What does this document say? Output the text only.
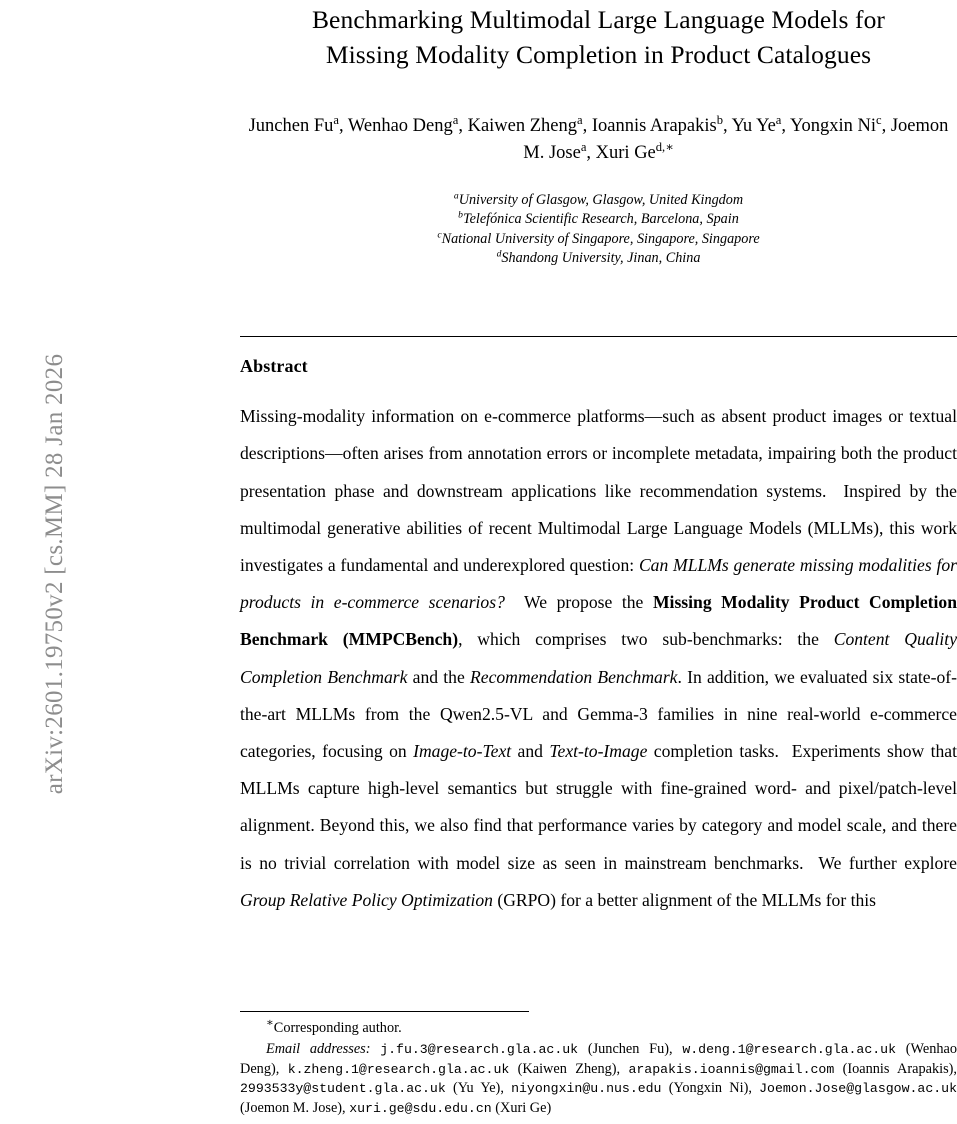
arXiv:2601.19750v2 [cs.MM] 28 Jan 2026
Benchmarking Multimodal Large Language Models for
Missing Modality Completion in Product Catalogues

Junchen Fu$^a$, Wenhao Deng$^a$, Kaiwen Zheng$^a$, Ioannis Arapakis$^b$, Yu Ye$^a$, Yongxin Ni$^c$, Joemon M. Jose$^a$, Xuri $Ge^{d,∗}$

$^a$University of Glasgow, Glasgow, United Kingdom
$^b$Telefónica Scientific Research, Barcelona, Spain
$^c$National University of Singapore, Singapore, Singapore
$^d$Shandong University, Jinan, China
Abstract

Missing-modality information on e-commerce platforms—such as absent product images or textual descriptions—often arises from annotation errors or incomplete metadata, impairing both the product presentation phase and downstream applications like recommendation systems.  Inspired by the multimodal generative abilities of recent Multimodal Large Language Models (MLLMs), this work investigates a fundamental and underexplored question: Can MLLMs generate missing modalities for products in e-commerce scenarios?  We propose the Missing Modality Product Completion Benchmark (MMPCBench), which comprises two sub-benchmarks: the Content Quality Completion Benchmark and the Recommendation Benchmark. In addition, we evaluated six state-of-the-art MLLMs from the Qwen2.5-VL and Gemma-3 families in nine real-world e-commerce categories, focusing on Image-to-Text and Text-to-Image completion tasks.  Experiments show that MLLMs capture high-level semantics but struggle with fine-grained word- and pixel/patch-level alignment. Beyond this, we also find that performance varies by category and model scale, and there is no trivial correlation with model size as seen in mainstream benchmarks.  We further explore Group Relative Policy Optimization (GRPO) for a better alignment of the MLLMs for this

∗Corresponding author.

Email addresses: j.fu.3@research.gla.ac.uk (Junchen Fu), w.deng.1@research.gla.ac.uk (Wenhao Deng), k.zheng.1@research.gla.ac.uk (Kaiwen Zheng), arapakis.ioannis@gmail.com (Ioannis Arapakis), 2993533y@student.gla.ac.uk (Yu Ye), niyongxin@u.nus.edu (Yongxin Ni), Joemon.Jose@glasgow.ac.uk (Joemon M. Jose), xuri.ge@sdu.edu.cn (Xuri Ge)
